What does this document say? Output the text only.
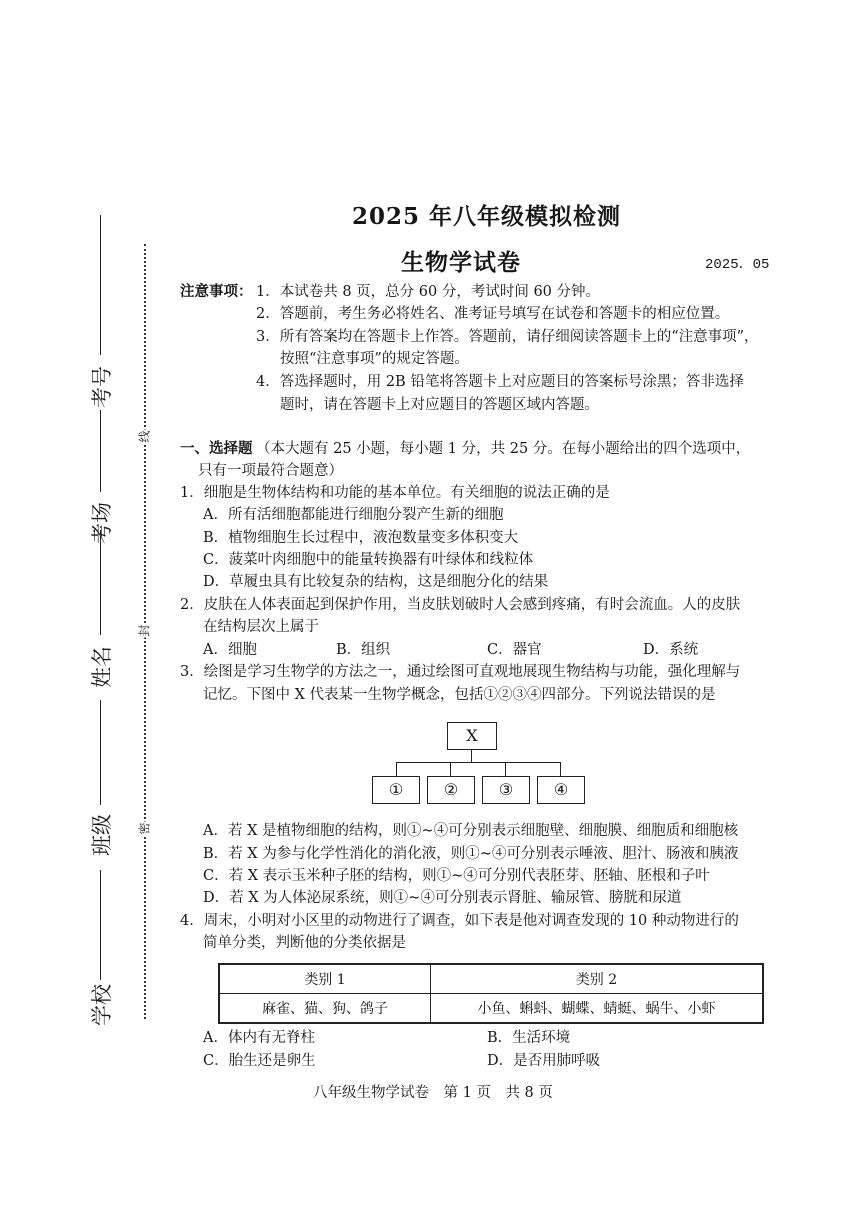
线
封
密
学校
班级
姓名
考场
考号
2025 年八年级模拟检测
生物学试卷	2025．05
注意事项： 1．本试卷共 8 页，总分 60 分，考试时间 60 分钟。
2．答题前，考生务必将姓名、准考证号填写在试卷和答题卡的相应位置。
3．所有答案均在答题卡上作答。答题前，请仔细阅读答题卡上的“注意事项”，
按照“注意事项”的规定答题。
4．答选择题时，用 2B 铅笔将答题卡上对应题目的答案标号涂黑；答非选择
题时，请在答题卡上对应题目的答题区域内答题。
一、选择题 （本大题有 25 小题，每小题 1 分，共 25 分。在每小题给出的四个选项中，
只有一项最符合题意）
1．细胞是生物体结构和功能的基本单位。有关细胞的说法正确的是
A．所有活细胞都能进行细胞分裂产生新的细胞
B．植物细胞生长过程中，液泡数量变多体积变大
C．菠菜叶肉细胞中的能量转换器有叶绿体和线粒体
D．草履虫具有比较复杂的结构，这是细胞分化的结果
2．皮肤在人体表面起到保护作用，当皮肤划破时人会感到疼痛，有时会流血。人的皮肤
在结构层次上属于
A．细胞	B．组织	C．器官	D．系统
3．绘图是学习生物学的方法之一，通过绘图可直观地展现生物结构与功能，强化理解与
记忆。下图中 X 代表某一生物学概念，包括①②③④四部分。下列说法错误的是
X
①	②	③	④
A．若 X 是植物细胞的结构，则①~④可分别表示细胞壁、细胞膜、细胞质和细胞核
B．若 X 为参与化学性消化的消化液，则①~④可分别表示唾液、胆汁、肠液和胰液
C．若 X 表示玉米种子胚的结构，则①~④可分别代表胚芽、胚轴、胚根和子叶
D．若 X 为人体泌尿系统，则①~④可分别表示肾脏、输尿管、膀胱和尿道
4．周末，小明对小区里的动物进行了调查，如下表是他对调查发现的 10 种动物进行的
简单分类，判断他的分类依据是
类别 1	类别 2
麻雀、猫、狗、鸽子	小鱼、蝌蚪、蝴蝶、蜻蜓、蜗牛、小虾
A．体内有无脊柱	B．生活环境
C．胎生还是卵生	D．是否用肺呼吸
八年级生物学试卷　第 1 页　共 8 页
